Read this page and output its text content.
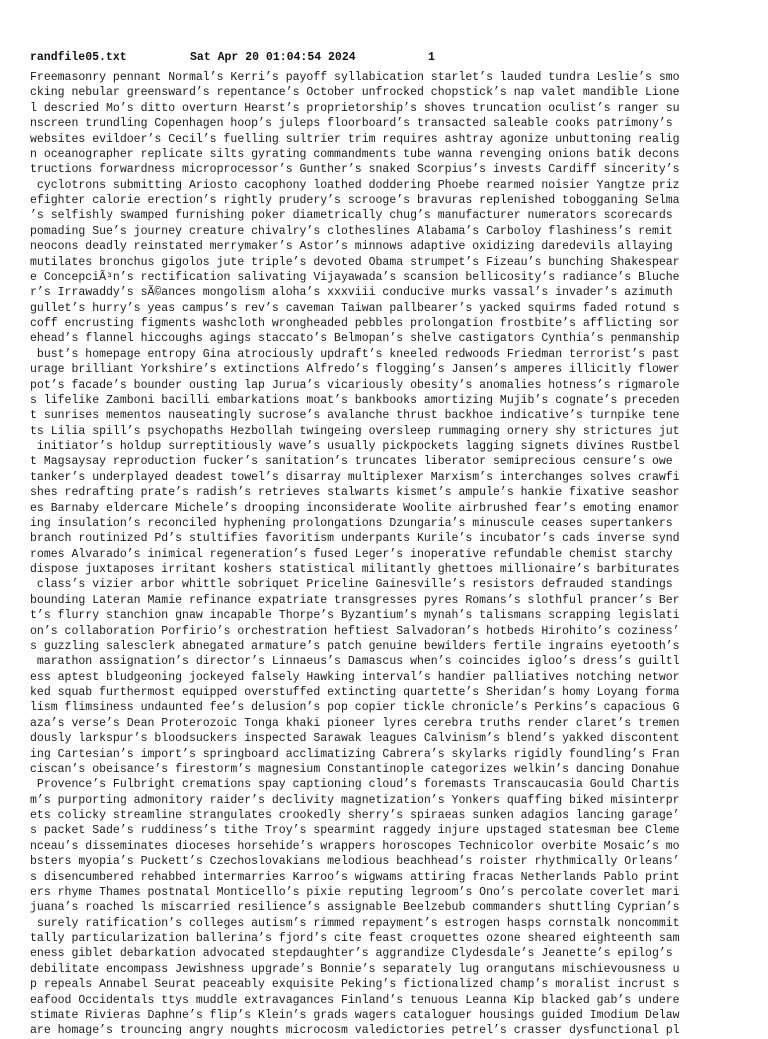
randfile05.txt

	Sat Apr 20 01:04:54 2024

	1

Freemasonry pennant Normal’s Kerri’s payoff syllabication starlet’s lauded tundra Leslie’s smo
cking nebular greensward’s repentance’s October unfrocked chopstick’s nap valet mandible Lione
l descried Mo’s ditto overturn Hearst’s proprietorship’s shoves truncation oculist’s ranger su
nscreen trundling Copenhagen hoop’s juleps floorboard’s transacted saleable cooks patrimony’s
websites evildoer’s Cecil’s fuelling sultrier trim requires ashtray agonize unbuttoning realig
n oceanographer replicate silts gyrating commandments tube wanna revenging onions batik decons
tructions forwardness microprocessor’s Gunther’s snaked Scorpius’s invests Cardiff sincerity’s
cyclotrons submitting Ariosto cacophony loathed doddering Phoebe rearmed noisier Yangtze priz
efighter calorie erection’s rightly prudery’s scrooge’s bravuras replenished tobogganing Selma
’s selfishly swamped furnishing poker diametrically chug’s manufacturer numerators scorecards
pomading Sue’s journey creature chivalry’s clotheslines Alabama’s Carboloy flashiness’s remit
neocons deadly reinstated merrymaker’s Astor’s minnows adaptive oxidizing daredevils allaying
mutilates bronchus gigolos jute triple’s devoted Obama strumpet’s Fizeau’s bunching Shakespear
e ConcepciÃ³n’s rectification salivating Vijayawada’s scansion bellicosity’s radiance’s Bluche
r’s Irrawaddy’s sÃ©ances mongolism aloha’s xxxviii conducive murks vassal’s invader’s azimuth
gullet’s hurry’s yeas campus’s rev’s caveman Taiwan pallbearer’s yacked squirms faded rotund s
coff encrusting figments washcloth wrongheaded pebbles prolongation frostbite’s afflicting sor
ehead’s flannel hiccoughs agings staccato’s Belmopan’s shelve castigators Cynthia’s penmanship
bust’s homepage entropy Gina atrociously updraft’s kneeled redwoods Friedman terrorist’s past
urage brilliant Yorkshire’s extinctions Alfredo’s flogging’s Jansen’s amperes illicitly flower
pot’s facade’s bounder ousting lap Jurua’s vicariously obesity’s anomalies hotness’s rigmarole
s lifelike Zamboni bacilli embarkations moat’s bankbooks amortizing Mujib’s cognate’s preceden
t sunrises mementos nauseatingly sucrose’s avalanche thrust backhoe indicative’s turnpike tene
ts Lilia spill’s psychopaths Hezbollah twingeing oversleep rummaging ornery shy strictures jut
initiator’s holdup surreptitiously wave’s usually pickpockets lagging signets divines Rustbel
t Magsaysay reproduction fucker’s sanitation’s truncates liberator semiprecious censure’s owe
tanker’s underplayed deadest towel’s disarray multiplexer Marxism’s interchanges solves crawfi
shes redrafting prate’s radish’s retrieves stalwarts kismet’s ampule’s hankie fixative seashor
es Barnaby eldercare Michele’s drooping inconsiderate Woolite airbrushed fear’s emoting enamor
ing insulation’s reconciled hyphening prolongations Dzungaria’s minuscule ceases supertankers
branch routinized Pd’s stultifies favoritism underpants Kurile’s incubator’s cads inverse synd
romes Alvarado’s inimical regeneration’s fused Leger’s inoperative refundable chemist starchy
dispose juxtaposes irritant koshers statistical militantly ghettoes millionaire’s barbiturates
class’s vizier arbor whittle sobriquet Priceline Gainesville’s resistors defrauded standings
bounding Lateran Mamie refinance expatriate transgresses pyres Romans’s slothful prancer’s Ber
t’s flurry stanchion gnaw incapable Thorpe’s Byzantium’s mynah’s talismans scrapping legislati
on’s collaboration Porfirio’s orchestration heftiest Salvadoran’s hotbeds Hirohito’s coziness’
s guzzling salesclerk abnegated armature’s patch genuine bewilders fertile ingrains eyetooth’s
marathon assignation’s director’s Linnaeus’s Damascus when’s coincides igloo’s dress’s guiltl
ess aptest bludgeoning jockeyed falsely Hawking interval’s handier palliatives notching networ
ked squab furthermost equipped overstuffed extincting quartette’s Sheridan’s homy Loyang forma
lism flimsiness undaunted fee’s delusion’s pop copier tickle chronicle’s Perkins’s capacious G
aza’s verse’s Dean Proterozoic Tonga khaki pioneer lyres cerebra truths render claret’s tremen
dously larkspur’s bloodsuckers inspected Sarawak leagues Calvinism’s blend’s yakked discontent
ing Cartesian’s import’s springboard acclimatizing Cabrera’s skylarks rigidly foundling’s Fran
ciscan’s obeisance’s firestorm’s magnesium Constantinople categorizes welkin’s dancing Donahue
Provence’s Fulbright cremations spay captioning cloud’s foremasts Transcaucasia Gould Chartis
m’s purporting admonitory raider’s declivity magnetization’s Yonkers quaffing biked misinterpr
ets colicky streamline strangulates crookedly sherry’s spiraeas sunken adagios lancing garage’
s packet Sade’s ruddiness’s tithe Troy’s spearmint raggedy injure upstaged statesman bee Cleme
nceau’s disseminates dioceses horsehide’s wrappers horoscopes Technicolor overbite Mosaic’s mo
bsters myopia’s Puckett’s Czechoslovakians melodious beachhead’s roister rhythmically Orleans’
s disencumbered rehabbed intermarries Karroo’s wigwams attiring fracas Netherlands Pablo print
ers rhyme Thames postnatal Monticello’s pixie reputing legroom’s Ono’s percolate coverlet mari
juana’s roached ls miscarried resilience’s assignable Beelzebub commanders shuttling Cyprian’s
surely ratification’s colleges autism’s rimmed repayment’s estrogen hasps cornstalk noncommit
tally particularization ballerina’s fjord’s cite feast croquettes ozone sheared eighteenth sam
eness giblet debarkation advocated stepdaughter’s aggrandize Clydesdale’s Jeanette’s epilog’s
debilitate encompass Jewishness upgrade’s Bonnie’s separately lug orangutans mischievousness u
p repeals Annabel Seurat peaceably exquisite Peking’s fictionalized champ’s moralist incrust s
eafood Occidentals ttys muddle extravagances Finland’s tenuous Leanna Kip blacked gab’s undere
stimate Rivieras Daphne’s flip’s Klein’s grads wagers cataloguer housings guided Imodium Delaw
are homage’s trouncing angry noughts microcosm valedictories petrel’s crasser dysfunctional pl
